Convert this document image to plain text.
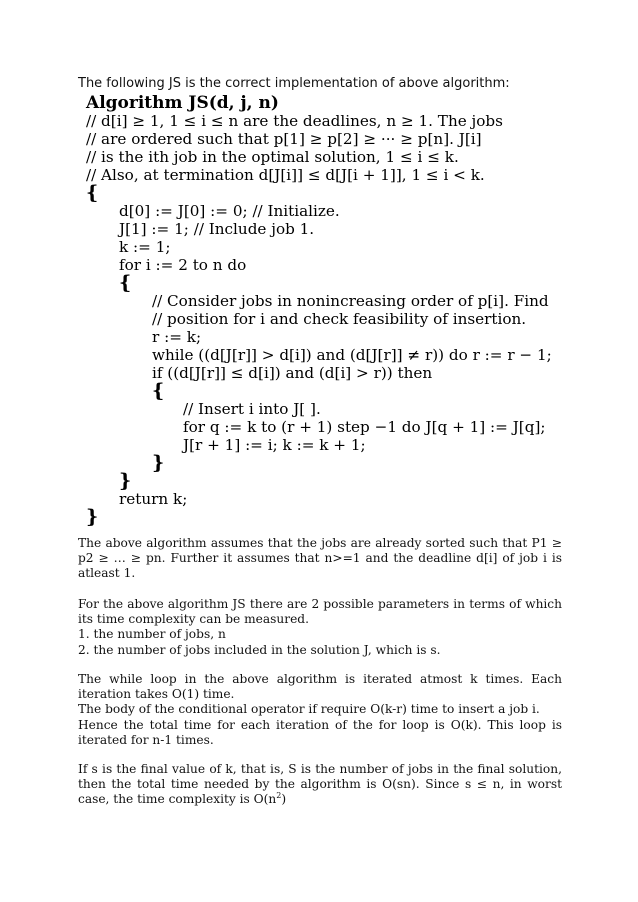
The following JS is the correct implementation of above algorithm:
Algorithm JS(d, j, n)
// d[i] ≥ 1, 1 ≤ i ≤ n are the deadlines, n ≥ 1. The jobs
// are ordered such that p[1] ≥ p[2] ≥ ··· ≥ p[n]. J[i]
// is the ith job in the optimal solution, 1 ≤ i ≤ k.
// Also, at termination d[J[i]] ≤ d[J[i + 1]], 1 ≤ i < k.
{
d[0] := J[0] := 0; // Initialize.
J[1] := 1; // Include job 1.
k := 1;
for i := 2 to n do
{
// Consider jobs in nonincreasing order of p[i]. Find
// position for i and check feasibility of insertion.
r := k;
while ((d[J[r]] > d[i]) and (d[J[r]] ≠ r)) do r := r − 1;
if ((d[J[r]] ≤ d[i]) and (d[i] > r)) then
{
// Insert i into J[ ].
for q := k to (r + 1) step −1 do J[q + 1] := J[q];
J[r + 1] := i; k := k + 1;
}
}
return k;
}

The above algorithm assumes that the jobs are already sorted such that P1 ≥ p2 ≥ … ≥ pn. Further it assumes that n>=1 and the deadline d[i] of job i is atleast 1.

For the above algorithm JS there are 2 possible parameters in terms of which its time complexity can be measured.

1. the number of jobs, n

2. the number of jobs included in the solution J, which is s.

The while loop in the above algorithm is iterated atmost k times. Each iteration takes O(1) time.

The body of the conditional operator if require O(k-r) time to insert a job i.

Hence the total time for each iteration of the for loop is O(k). This loop is iterated for n-1 times.

If s is the final value of k, that is, S is the number of jobs in the final solution, then the total time needed by the algorithm is O(sn). Since s ≤ n, in worst case, the time complexity is $O(n^2)$
